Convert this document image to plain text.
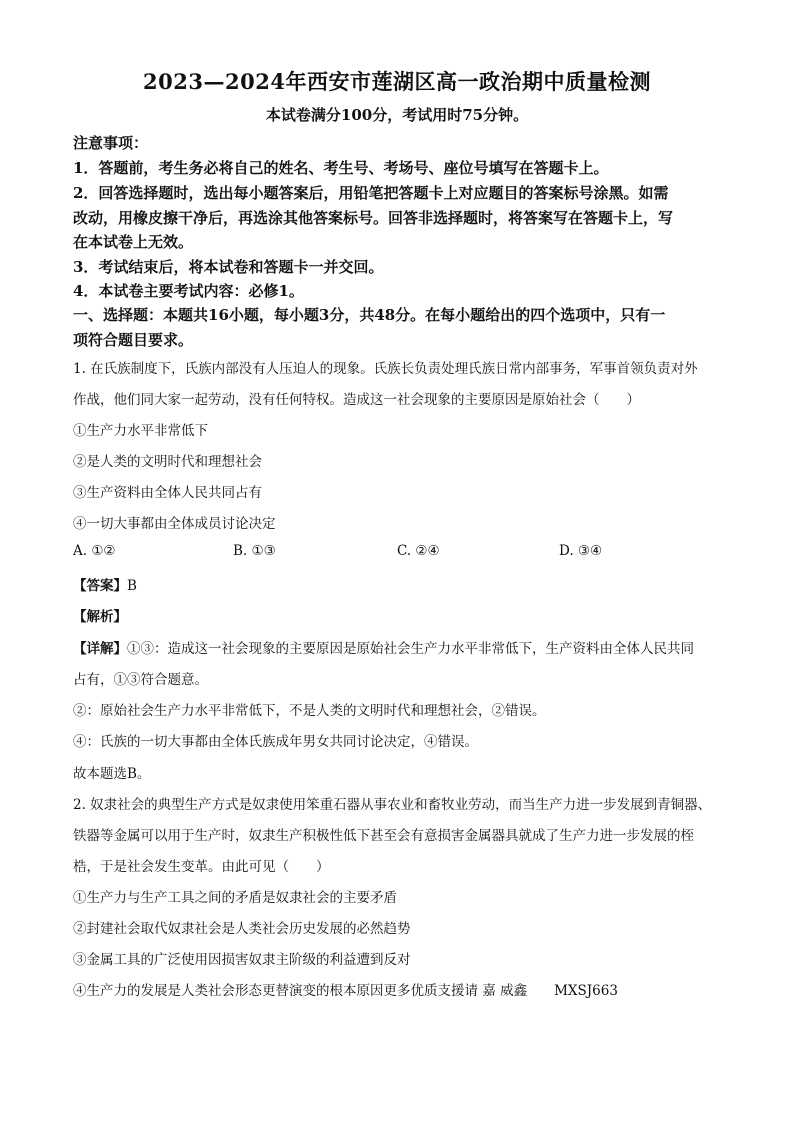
2023—2024年西安市莲湖区高一政治期中质量检测
本试卷满分100分，考试用时75分钟。
注意事项：
1．答题前，考生务必将自己的姓名、考生号、考场号、座位号填写在答题卡上。
2．回答选择题时，选出每小题答案后，用铅笔把答题卡上对应题目的答案标号涂黑。如需
改动，用橡皮擦干净后，再选涂其他答案标号。回答非选择题时，将答案写在答题卡上，写
在本试卷上无效。
3．考试结束后，将本试卷和答题卡一并交回。
4．本试卷主要考试内容：必修1。
一、选择题：本题共16小题，每小题3分，共48分。在每小题给出的四个选项中，只有一
项符合题目要求。
1. 在氏族制度下，氏族内部没有人压迫人的现象。氏族长负责处理氏族日常内部事务，军事首领负责对外
作战，他们同大家一起劳动，没有任何特权。造成这一社会现象的主要原因是原始社会（　　）
①生产力水平非常低下
②是人类的文明时代和理想社会
③生产资料由全体人民共同占有
④一切大事都由全体成员讨论决定
A. ①②	B. ①③	C. ②④	D. ③④
【答案】B
【解析】
【详解】①③：造成这一社会现象的主要原因是原始社会生产力水平非常低下，生产资料由全体人民共同
占有，①③符合题意。
②：原始社会生产力水平非常低下，不是人类的文明时代和理想社会，②错误。
④：氏族的一切大事都由全体氏族成年男女共同讨论决定，④错误。
故本题选B。
2. 奴隶社会的典型生产方式是奴隶使用笨重石器从事农业和畜牧业劳动，而当生产力进一步发展到青铜器、
铁器等金属可以用于生产时，奴隶生产积极性低下甚至会有意损害金属器具就成了生产力进一步发展的桎
梏，于是社会发生变革。由此可见（　　）
①生产力与生产工具之间的矛盾是奴隶社会的主要矛盾
②封建社会取代奴隶社会是人类社会历史发展的必然趋势
③金属工具的广泛使用因损害奴隶主阶级的利益遭到反对
④生产力的发展是人类社会形态更替演变的根本原因更多优质支援请 嘉 威鑫　　MXSJ663
